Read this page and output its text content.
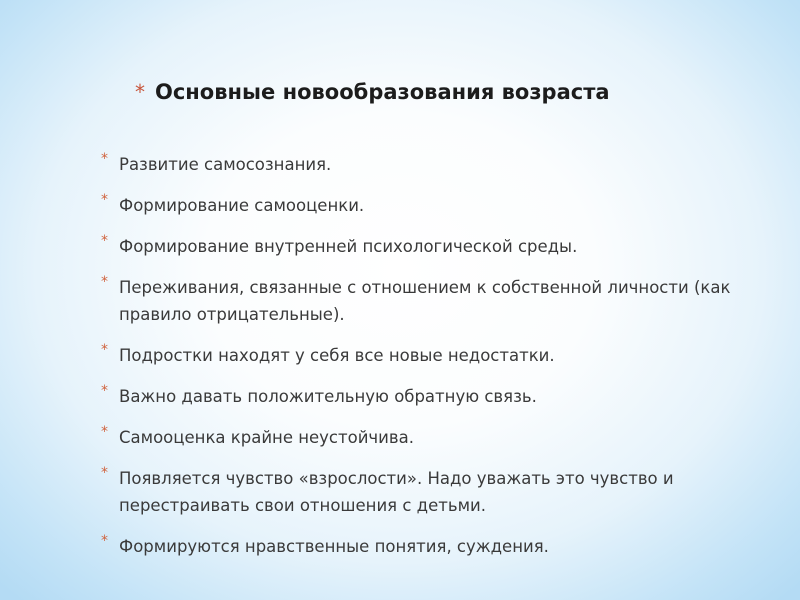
* Основные новообразования возраста
* Развитие самосознания.
* Формирование самооценки.
* Формирование внутренней психологической среды.
* Переживания, связанные с отношением к собственной личности (как правило отрицательные).
* Подростки находят у себя все новые недостатки.
* Важно давать положительную обратную связь.
* Самооценка крайне неустойчива.
* Появляется чувство «взрослости». Надо уважать это чувство и перестраивать свои отношения с детьми.
* Формируются нравственные понятия, суждения.
